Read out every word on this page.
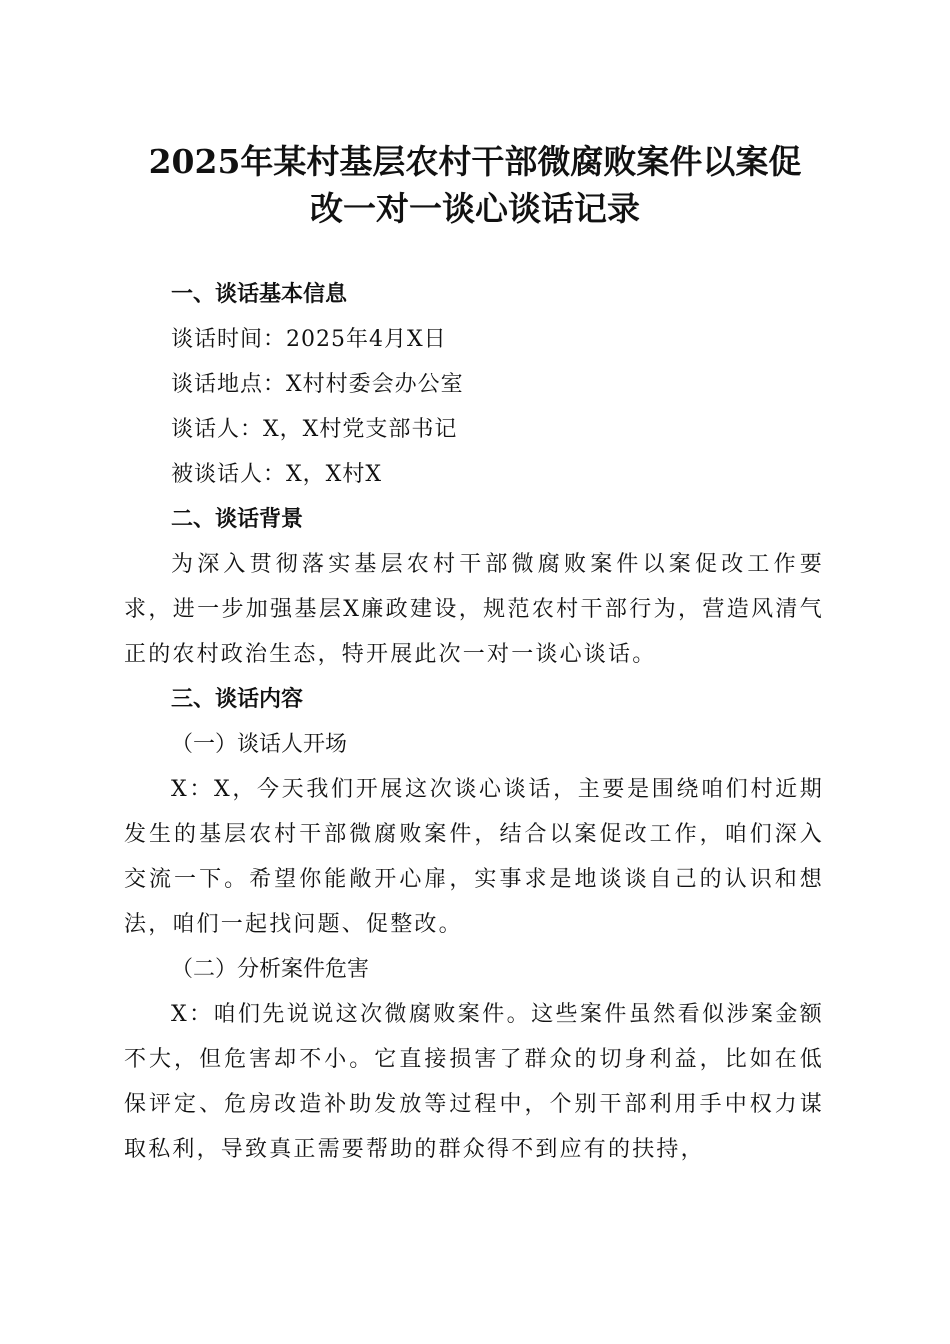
2025年某村基层农村干部微腐败案件以案促
改一对一谈心谈话记录
一、谈话基本信息
谈话时间：2025年4月X日
谈话地点：X村村委会办公室
谈话人：X，X村党支部书记
被谈话人：X，X村X
二、谈话背景

为深入贯彻落实基层农村干部微腐败案件以案促改工作要求，进一步加强基层X廉政建设，规范农村干部行为，营造风清气正的农村政治生态，特开展此次一对一谈心谈话。

三、谈话内容
（一）谈话人开场

X：X，今天我们开展这次谈心谈话，主要是围绕咱们村近期发生的基层农村干部微腐败案件，结合以案促改工作，咱们深入交流一下。希望你能敞开心扉，实事求是地谈谈自己的认识和想法，咱们一起找问题、促整改。

（二）分析案件危害

X：咱们先说说这次微腐败案件。这些案件虽然看似涉案金额不大，但危害却不小。它直接损害了群众的切身利益，比如在低保评定、危房改造补助发放等过程中，个别干部利用手中权力谋取私利，导致真正需要帮助的群众得不到应有的扶持，
